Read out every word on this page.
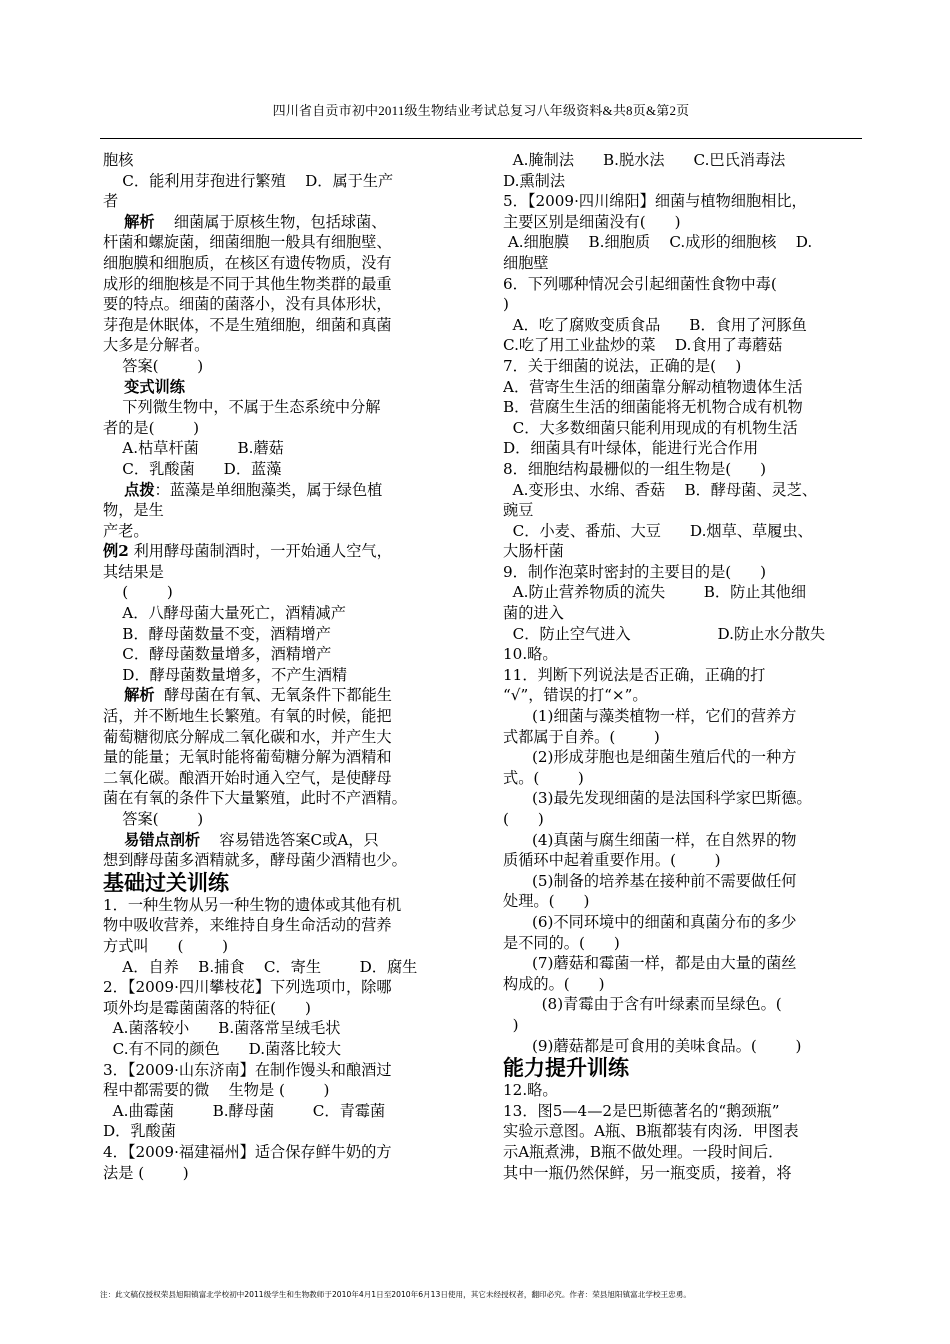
四川省自贡市初中2011级生物结业考试总复习八年级资料&共8页&第2页
胞核
C．能利用芽孢进行繁殖    D．属于生产
者
解析    细菌属于原核生物，包括球菌、
杆菌和螺旋菌，细菌细胞一般具有细胞壁、
细胞膜和细胞质，在核区有遗传物质，没有
成形的细胞核是不同于其他生物类群的最重
要的特点。细菌的菌落小，没有具体形状，
芽孢是休眠体，不是生殖细胞，细菌和真菌
大多是分解者。
答案(        )
变式训练
下列微生物中，不属于生态系统中分解
者的是(        )
A.枯草杆菌        B.蘑菇
C．乳酸菌      D．蓝藻
点拨：蓝藻是单细胞藻类，属于绿色植
物，是生
产老。
例2 利用酵母菌制酒时，一开始通人空气，
其结果是
(        )
A．八酵母菌大量死亡，酒精减产
B．酵母菌数量不变，酒精增产
C．酵母菌数量增多，酒精增产
D．酵母菌数量增多，不产生酒精
解析  酵母菌在有氧、无氧条件下都能生
活，并不断地生长繁殖。有氧的时候，能把
葡萄糖彻底分解成二氧化碳和水，并产生大
量的能量；无氧时能将葡萄糖分解为酒精和
二氧化碳。酿酒开始时通入空气，是使酵母
菌在有氧的条件下大量繁殖，此时不产酒精。
答案(        )
易错点剖析    容易错选答案C或A，只
想到酵母菌多酒精就多，酵母菌少酒精也少。
基础过关训练
1．一种生物从另一种生物的遗体或其他有机
物中吸收营养，来维持自身生命活动的营养
方式叫      (        )
A．自养    B.捕食    C．寄生        D．腐生
2．【2009·四川攀枝花】下列选项巾，除哪
项外均是霉菌菌落的特征(      )
A.菌落较小      B.菌落常呈绒毛状
C.有不同的颜色      D.菌落比较大
3．【2009·山东济南】在制作馒头和酿酒过
程中都需要的微    生物是 (        )
A.曲霉菌        B.酵母菌        C．青霉菌
D．乳酸菌
4．【2009·福建福州】适合保存鲜牛奶的方
法是 (        )
A.腌制法      B.脱水法      C.巴氏消毒法
D.熏制法
5．【2009·四川绵阳】细菌与植物细胞相比，
主要区别是细菌没有(      )
A.细胞膜    B.细胞质    C.成形的细胞核    D.
细胞壁
6．下列哪种情况会引起细菌性食物中毒(
)
A．吃了腐败变质食品      B．食用了河豚鱼
C.吃了用工业盐炒的菜    D.食用了毒蘑菇
7．关于细菌的说法，正确的是(    )
A．营寄生生活的细菌靠分解动植物遗体生活
B．营腐生生活的细菌能将无机物合成有机物
C．大多数细菌只能利用现成的有机物生活
D．细菌具有叶绿体，能进行光合作用
8．细胞结构最栅似的一组生物是(      )
A.变形虫、水绵、香菇    B．酵母菌、灵芝、
豌豆
C．小麦、番茄、大豆      D.烟草、草履虫、
大肠杆菌
9．制作泡菜时密封的主要目的是(      )
A.防止营养物质的流失        B．防止其他细
菌的进入
C．防止空气进入                  D.防止水分散失
10.略。
11．判断下列说法是否正确，正确的打
“√”，错误的打“×”。
(1)细菌与藻类植物一样，它们的营养方
式都属于自养。(        )
(2)形成芽胞也是细菌生殖后代的一种方
式。(        )
(3)最先发现细菌的是法国科学家巴斯德。
(      )
(4)真菌与腐生细菌一样，在自然界的物
质循环中起着重要作用。(        )
(5)制备的培养基在接种前不需要做任何
处理。(      )
(6)不同环境中的细菌和真菌分布的多少
是不同的。(      )
(7)蘑菇和霉菌一样，都是由大量的菌丝
构成的。(      )
(8)青霉由于含有叶绿素而呈绿色。(
)
(9)蘑菇都是可食用的美味食品。(        )
能力提升训练
12.略。
13．图5—4—2是巴斯德著名的“鹅颈瓶”
实验示意图。A瓶、B瓶都装有肉汤．甲图表
示A瓶煮沸，B瓶不做处理。一段时间后．
其中一瓶仍然保鲜，另一瓶变质，接着，将
注：此文稿仅授权荣县旭阳镇富北学校初中2011级学生和生物教师于2010年4月1日至2010年6月13日使用，其它未经授权者，翻印必究。作者：荣县旭阳镇富北学校王忠勇。
